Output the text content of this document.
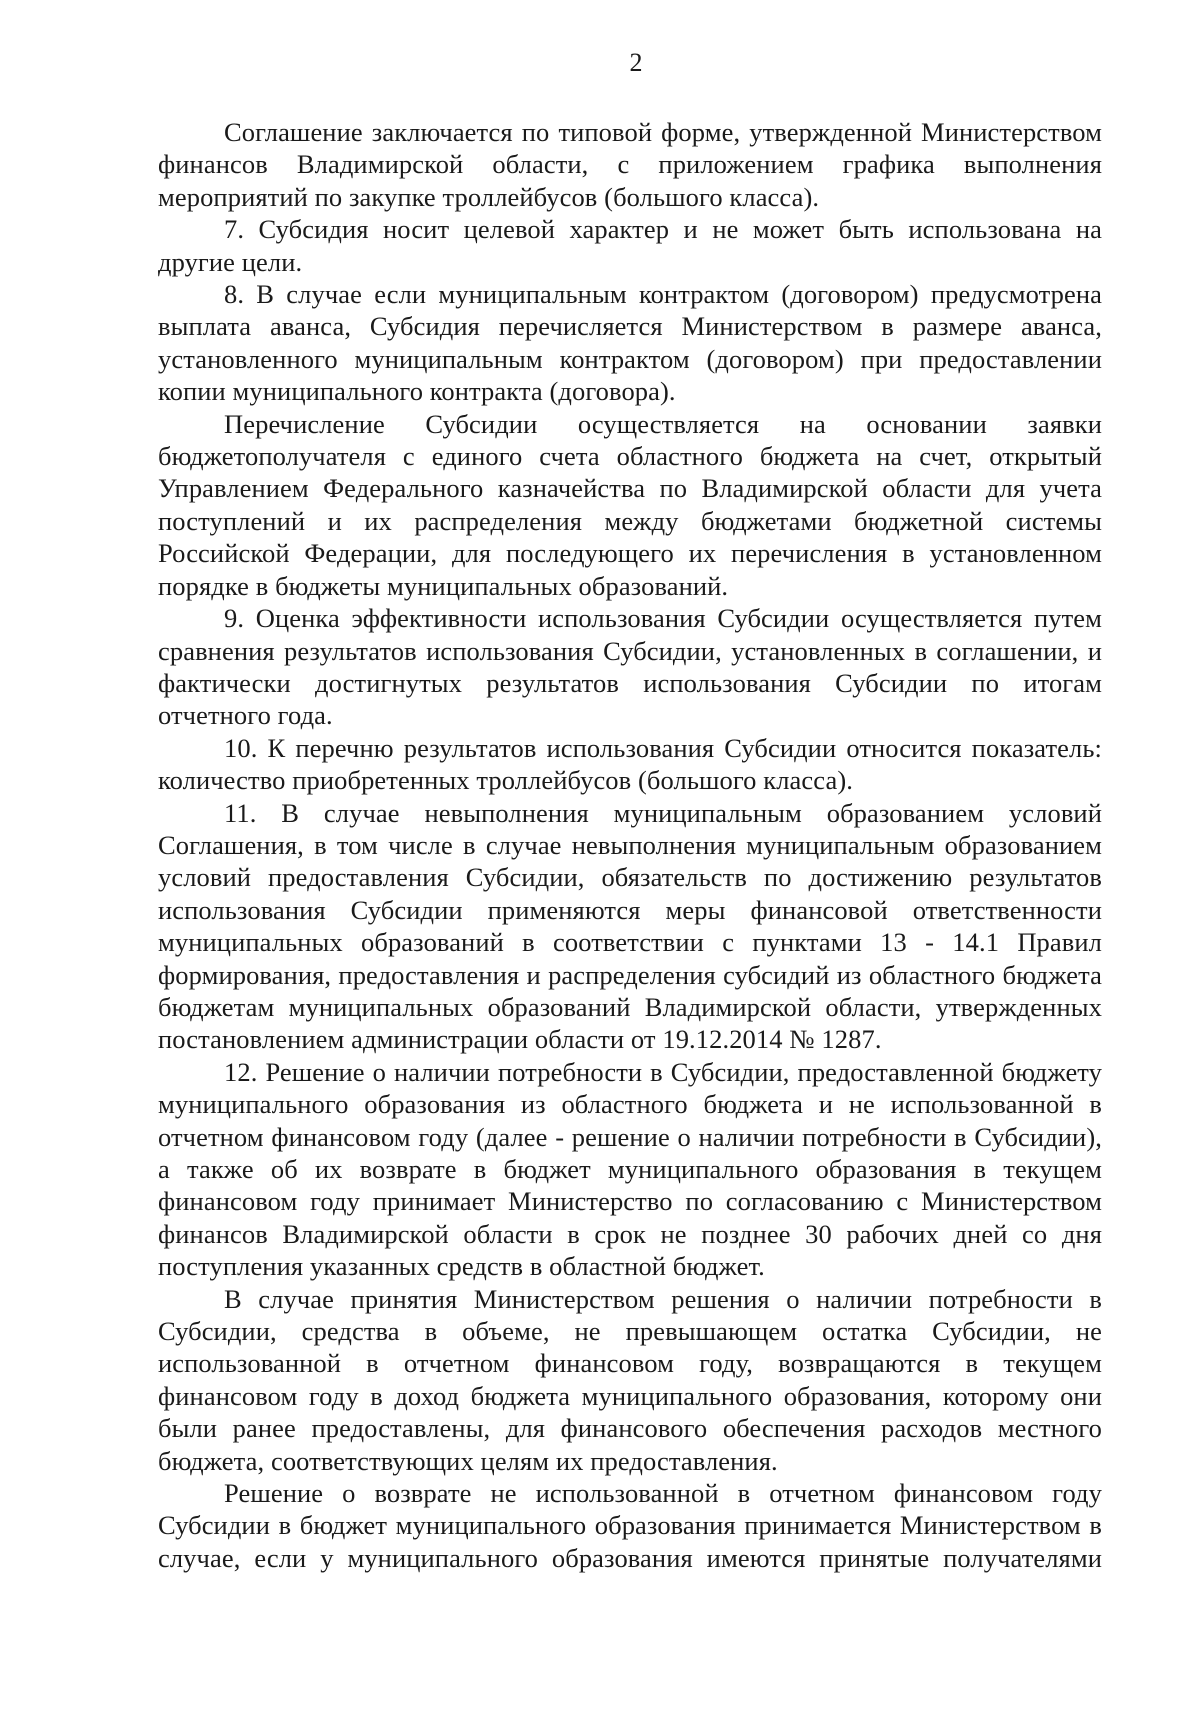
2

Соглашение заключается по типовой форме, утвержденной Министерством финансов Владимирской области, с приложением графика выполнения мероприятий по закупке троллейбусов (большого класса).

7. Субсидия носит целевой характер и не может быть использована на другие цели.

8. В случае если муниципальным контрактом (договором) предусмотрена выплата аванса, Субсидия перечисляется Министерством в размере аванса, установленного муниципальным контрактом (договором) при предоставлении копии муниципального контракта (договора).

Перечисление Субсидии осуществляется на основании заявки бюджетополучателя с единого счета областного бюджета на счет, открытый Управлением Федерального казначейства по Владимирской области для учета поступлений и их распределения между бюджетами бюджетной системы Российской Федерации, для последующего их перечисления в установленном порядке в бюджеты муниципальных образований.

9. Оценка эффективности использования Субсидии осуществляется путем сравнения результатов использования Субсидии, установленных в соглашении, и фактически достигнутых результатов использования Субсидии по итогам отчетного года.

10. К перечню результатов использования Субсидии относится показатель: количество приобретенных троллейбусов (большого класса).

11. В случае невыполнения муниципальным образованием условий Соглашения, в том числе в случае невыполнения муниципальным образованием условий предоставления Субсидии, обязательств по достижению результатов использования Субсидии применяются меры финансовой ответственности муниципальных образований в соответствии с пунктами 13 - 14.1 Правил формирования, предоставления и распределения субсидий из областного бюджета бюджетам муниципальных образований Владимирской области, утвержденных постановлением администрации области от 19.12.2014 № 1287.

12. Решение о наличии потребности в Субсидии, предоставленной бюджету муниципального образования из областного бюджета и не использованной в отчетном финансовом году (далее - решение о наличии потребности в Субсидии), а также об их возврате в бюджет муниципального образования в текущем финансовом году принимает Министерство по согласованию с Министерством финансов Владимирской области в срок не позднее 30 рабочих дней со дня поступления указанных средств в областной бюджет.

В случае принятия Министерством решения о наличии потребности в Субсидии, средства в объеме, не превышающем остатка Субсидии, не использованной в отчетном финансовом году, возвращаются в текущем финансовом году в доход бюджета муниципального образования, которому они были ранее предоставлены, для финансового обеспечения расходов местного бюджета, соответствующих целям их предоставления.

Решение о возврате не использованной в отчетном финансовом году Субсидии в бюджет муниципального образования принимается Министерством в случае, если у муниципального образования имеются принятые получателями
